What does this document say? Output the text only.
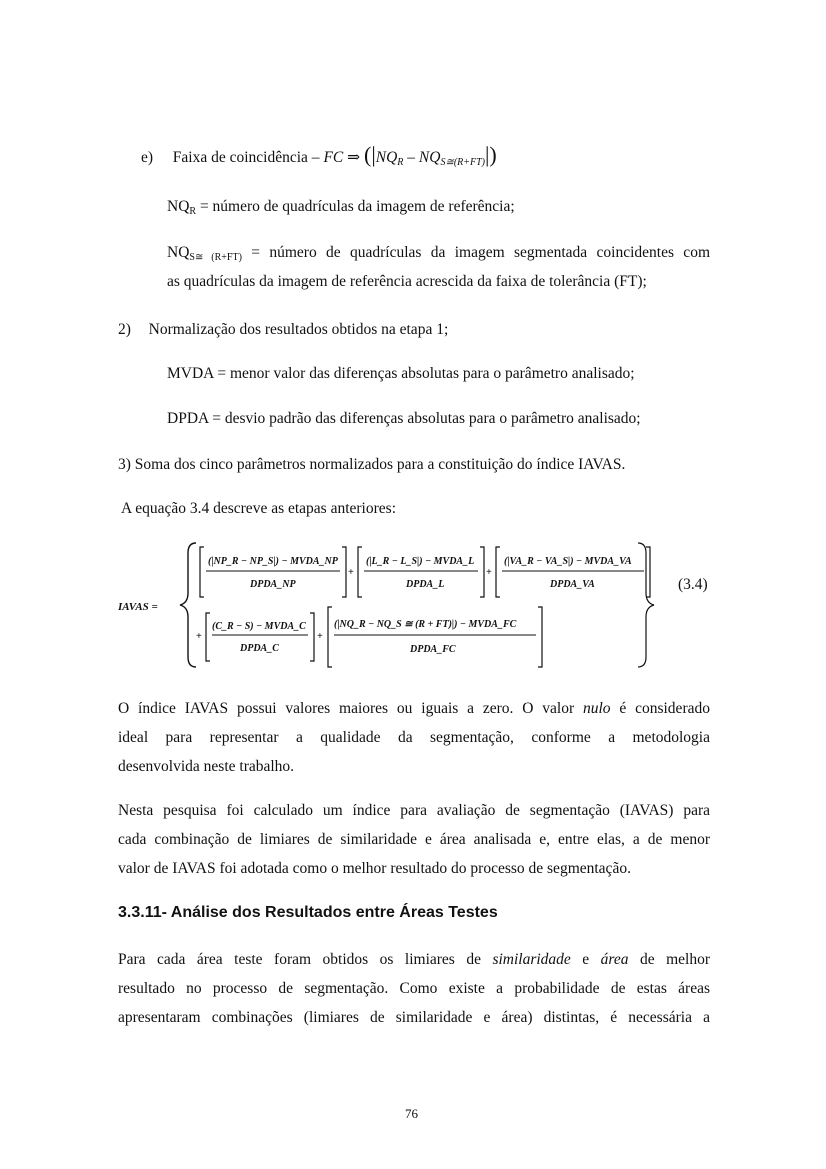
e) Faixa de coincidência – FC ⇒ $(|NQ_R - NQ_{S≅(R+FT)}|)$
$NQ_R$ = número de quadrículas da imagem de referência;
$NQ_{S≅ (R+FT)}$ = número de quadrículas da imagem segmentada coincidentes com
as quadrículas da imagem de referência acrescida da faixa de tolerância (FT);
2) Normalização dos resultados obtidos na etapa 1;
MVDA = menor valor das diferenças absolutas para o parâmetro analisado;
DPDA = desvio padrão das diferenças absolutas para o parâmetro analisado;
3) Soma dos cinco parâmetros normalizados para a constituição do índice IAVAS.
A equação 3.4 descreve as etapas anteriores:
IAVAS =
(|NP_R − NP_S|) − MVDA_NP
DPDA_NP
+
(|L_R − L_S|) − MVDA_L
DPDA_L
+
(|VA_R − VA_S|) − MVDA_VA
DPDA_VA
+
(C_R − S) − MVDA_C
DPDA_C
+
(|NQ_R − NQ_S ≅ (R + FT)|) − MVDA_FC
DPDA_FC
(3.4)
O índice IAVAS possui valores maiores ou iguais a zero. O valor nulo é considerado
ideal para representar a qualidade da segmentação, conforme a metodologia
desenvolvida neste trabalho.
Nesta pesquisa foi calculado um índice para avaliação de segmentação (IAVAS) para
cada combinação de limiares de similaridade e área analisada e, entre elas, a de menor
valor de IAVAS foi adotada como o melhor resultado do processo de segmentação.
3.3.11- Análise dos Resultados entre Áreas Testes
Para cada área teste foram obtidos os limiares de similaridade e área de melhor
resultado no processo de segmentação. Como existe a probabilidade de estas áreas
apresentaram combinações (limiares de similaridade e área) distintas, é necessária a
76
